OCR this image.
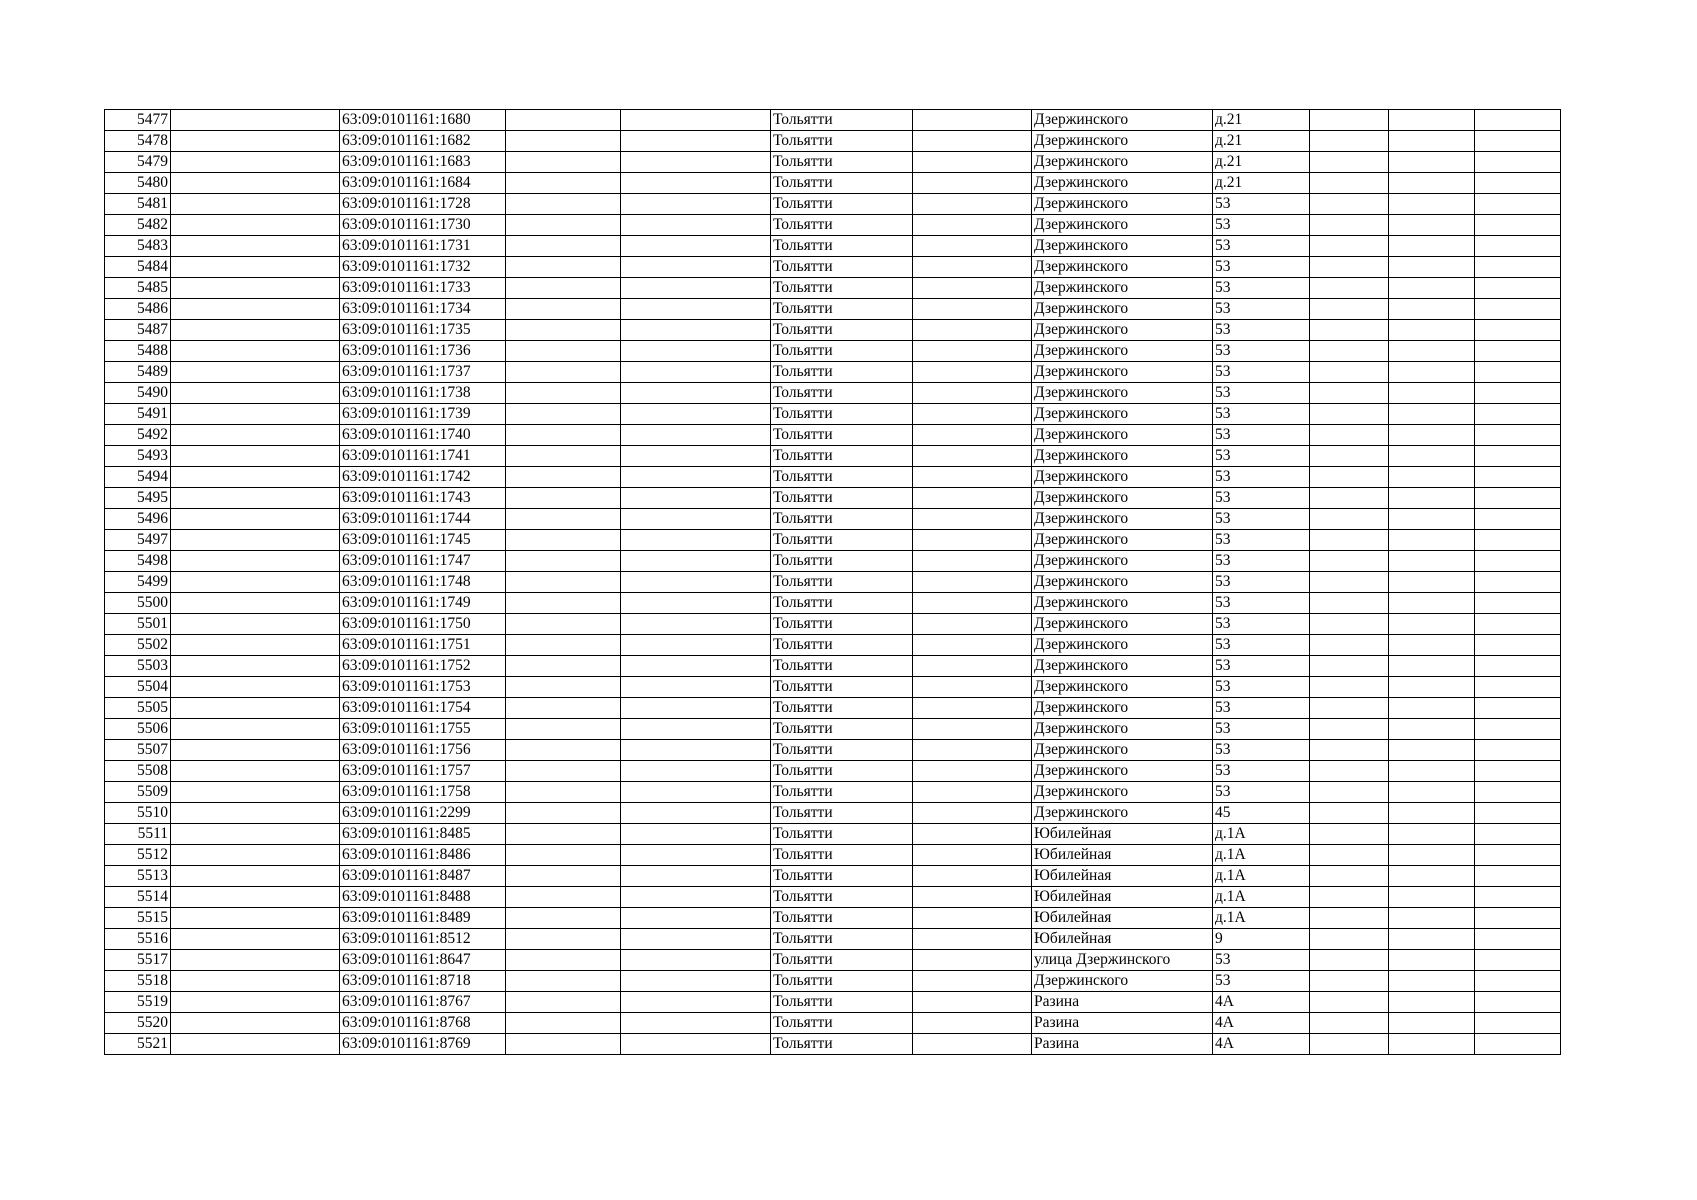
5477		63:09:0101161:1680			Тольятти		Дзержинского	д.21			
5478		63:09:0101161:1682			Тольятти		Дзержинского	д.21			
5479		63:09:0101161:1683			Тольятти		Дзержинского	д.21			
5480		63:09:0101161:1684			Тольятти		Дзержинского	д.21			
5481		63:09:0101161:1728			Тольятти		Дзержинского	53			
5482		63:09:0101161:1730			Тольятти		Дзержинского	53			
5483		63:09:0101161:1731			Тольятти		Дзержинского	53			
5484		63:09:0101161:1732			Тольятти		Дзержинского	53			
5485		63:09:0101161:1733			Тольятти		Дзержинского	53			
5486		63:09:0101161:1734			Тольятти		Дзержинского	53			
5487		63:09:0101161:1735			Тольятти		Дзержинского	53			
5488		63:09:0101161:1736			Тольятти		Дзержинского	53			
5489		63:09:0101161:1737			Тольятти		Дзержинского	53			
5490		63:09:0101161:1738			Тольятти		Дзержинского	53			
5491		63:09:0101161:1739			Тольятти		Дзержинского	53			
5492		63:09:0101161:1740			Тольятти		Дзержинского	53			
5493		63:09:0101161:1741			Тольятти		Дзержинского	53			
5494		63:09:0101161:1742			Тольятти		Дзержинского	53			
5495		63:09:0101161:1743			Тольятти		Дзержинского	53			
5496		63:09:0101161:1744			Тольятти		Дзержинского	53			
5497		63:09:0101161:1745			Тольятти		Дзержинского	53			
5498		63:09:0101161:1747			Тольятти		Дзержинского	53			
5499		63:09:0101161:1748			Тольятти		Дзержинского	53			
5500		63:09:0101161:1749			Тольятти		Дзержинского	53			
5501		63:09:0101161:1750			Тольятти		Дзержинского	53			
5502		63:09:0101161:1751			Тольятти		Дзержинского	53			
5503		63:09:0101161:1752			Тольятти		Дзержинского	53			
5504		63:09:0101161:1753			Тольятти		Дзержинского	53			
5505		63:09:0101161:1754			Тольятти		Дзержинского	53			
5506		63:09:0101161:1755			Тольятти		Дзержинского	53			
5507		63:09:0101161:1756			Тольятти		Дзержинского	53			
5508		63:09:0101161:1757			Тольятти		Дзержинского	53			
5509		63:09:0101161:1758			Тольятти		Дзержинского	53			
5510		63:09:0101161:2299			Тольятти		Дзержинского	45			
5511		63:09:0101161:8485			Тольятти		Юбилейная	д.1А			
5512		63:09:0101161:8486			Тольятти		Юбилейная	д.1А			
5513		63:09:0101161:8487			Тольятти		Юбилейная	д.1А			
5514		63:09:0101161:8488			Тольятти		Юбилейная	д.1А			
5515		63:09:0101161:8489			Тольятти		Юбилейная	д.1А			
5516		63:09:0101161:8512			Тольятти		Юбилейная	9			
5517		63:09:0101161:8647			Тольятти		улица Дзержинского	53			
5518		63:09:0101161:8718			Тольятти		Дзержинского	53			
5519		63:09:0101161:8767			Тольятти		Разина	4А			
5520		63:09:0101161:8768			Тольятти		Разина	4А			
5521		63:09:0101161:8769			Тольятти		Разина	4А			
